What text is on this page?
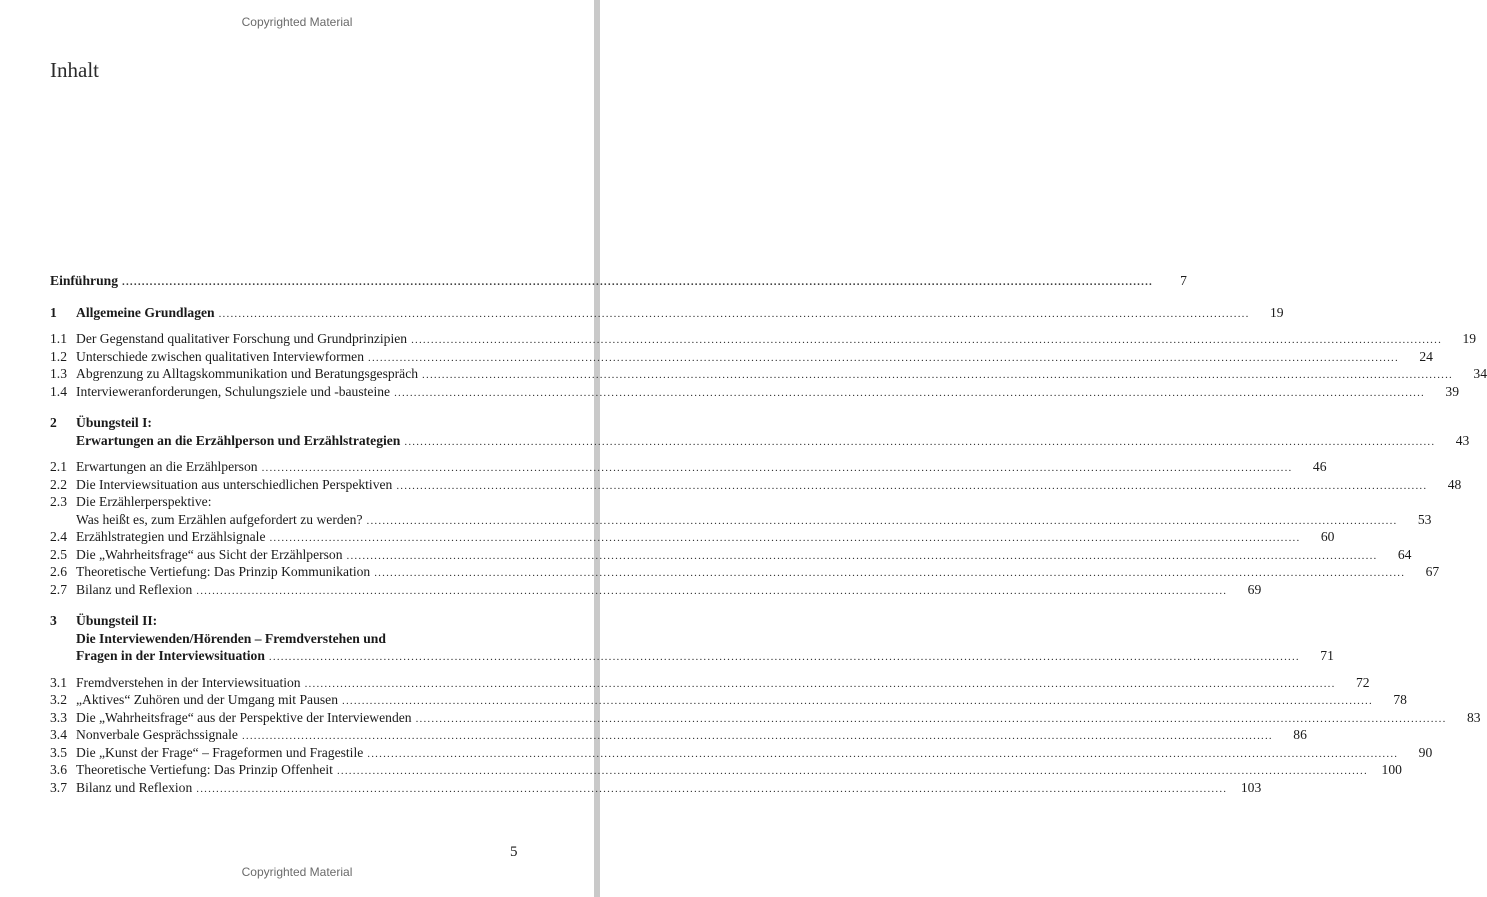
Copyrighted Material
Inhalt
Einführung .....	7
1	Allgemeine Grundlagen .....	19
1.1 Der Gegenstand qualitativer Forschung und Grundprinzipien .....	19
1.2 Unterschiede zwischen qualitativen Interviewformen .....	24
1.3 Abgrenzung zu Alltagskommunikation und Beratungsgespräch .....	34
1.4 Intervieweranforderungen, Schulungsziele und -bausteine .....	39
2	Übungsteil I:
Erwartungen an die Erzählperson und Erzählstrategien .....	43
2.1 Erwartungen an die Erzählperson .....	46
2.2 Die Interviewsituation aus unterschiedlichen Perspektiven .....	48
2.3 Die Erzählerperspektive:
Was heißt es, zum Erzählen aufgefordert zu werden? .....	53
2.4 Erzählstrategien und Erzählsignale .....	60
2.5 Die „Wahrheitsfrage“ aus Sicht der Erzählperson .....	64
2.6 Theoretische Vertiefung: Das Prinzip Kommunikation .....	67
2.7 Bilanz und Reflexion .....	69
3	Übungsteil II:
Die Interviewenden/Hörenden – Fremdverstehen und
Fragen in der Interviewsituation .....	71
3.1 Fremdverstehen in der Interviewsituation .....	72
3.2 „Aktives“ Zuhören und der Umgang mit Pausen .....	78
3.3 Die „Wahrheitsfrage“ aus der Perspektive der Interviewenden .....	83
3.4 Nonverbale Gesprächssignale .....	86
3.5 Die „Kunst der Frage“ – Frageformen und Fragestile .....	90
3.6 Theoretische Vertiefung: Das Prinzip Offenheit .....	100
3.7 Bilanz und Reflexion .....	103
5
Copyrighted Material
